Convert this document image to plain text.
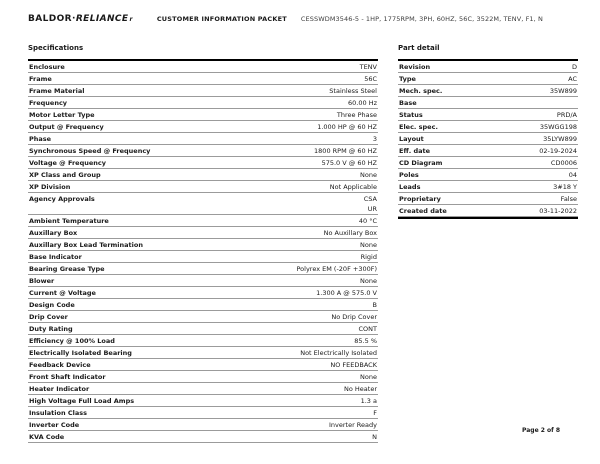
BALDOR·RELIANCEr	CUSTOMER INFORMATION PACKET CESSWDM3546-5 - 1HP, 1775RPM, 3PH, 60HZ, 56C, 3522M, TENV, F1, N
Specifications	Part detail
Enclosure	TENV
Frame	56C
Frame Material	Stainless Steel
Frequency	60.00 Hz
Motor Letter Type	Three Phase
Output @ Frequency	1.000 HP @ 60 HZ
Phase	3
Synchronous Speed @ Frequency	1800 RPM @ 60 HZ
Voltage @ Frequency	575.0 V @ 60 HZ
XP Class and Group	None
XP Division	Not Applicable
Agency Approvals	CSA
UR
Ambient Temperature	40 °C
Auxillary Box	No Auxillary Box
Auxillary Box Lead Termination	None
Base Indicator	Rigid
Bearing Grease Type	Polyrex EM (-20F +300F)
Blower	None
Current @ Voltage	1.300 A @ 575.0 V
Design Code	B
Drip Cover	No Drip Cover
Duty Rating	CONT
Efficiency @ 100% Load	85.5 %
Electrically Isolated Bearing	Not Electrically Isolated
Feedback Device	NO FEEDBACK
Front Shaft Indicator	None
Heater Indicator	No Heater
High Voltage Full Load Amps	1.3 a
Insulation Class	F
Inverter Code	Inverter Ready
KVA Code	N
Revision	D
Type	AC
Mech. spec.	35W899
Base
Status	PRD/A
Elec. spec.	35WGG198
Layout	35LYW899
Eff. date	02-19-2024
CD Diagram	CD0006
Poles	04
Leads	3#18 Y
Proprietary	False
Created date	03-11-2022
Page 2 of 8
